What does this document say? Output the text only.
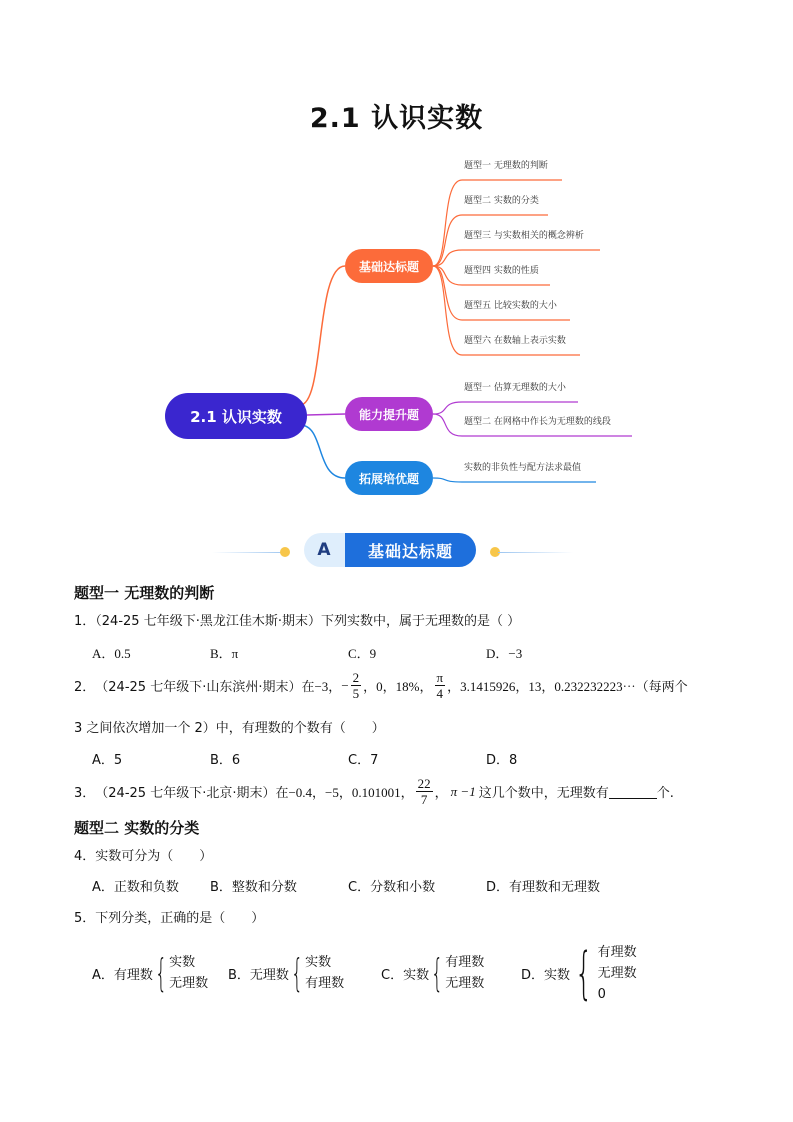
2.1 认识实数
2.1 认识实数
基础达标题
能力提升题
拓展培优题
题型一 无理数的判断
题型二 实数的分类
题型三 与实数相关的概念辨析
题型四 实数的性质
题型五 比较实数的大小
题型六 在数轴上表示实数
题型一 估算无理数的大小
题型二 在网格中作长为无理数的线段
实数的非负性与配方法求最值
A	基础达标题
题型一 无理数的判断
1．（24-25 七年级下·黑龙江佳木斯·期末）下列实数中，属于无理数的是（ ）
A．0.5	B．π	C．9	D．−3
2． （24-25 七年级下·山东滨州·期末）在 −3， − $\frac{2}{5}$ ，0，18%， $\frac{\pi}{4}$ ，3.1415926，13，0.232232223⋯（每两个
3 之间依次增加一个 2）中，有理数的个数有（　　）
A．5	B．6	C．7	D．8
3． （24-25 七年级下·北京·期末）在 −0.4，−5，0.101001， $\frac{22}{7}$ ， π −1 这几个数中，无理数有	个.
题型二 实数的分类
4．实数可分为（　　）
A．正数和负数 B．整数和分数	C．分数和小数	D．有理数和无理数
5．下列分类，正确的是（　　）
A．有理数 { 实数
无理数
B．无理数 { 实数
有理数
C．实数 { 有理数
无理数
D．实数 { 有理数
无理数
0
